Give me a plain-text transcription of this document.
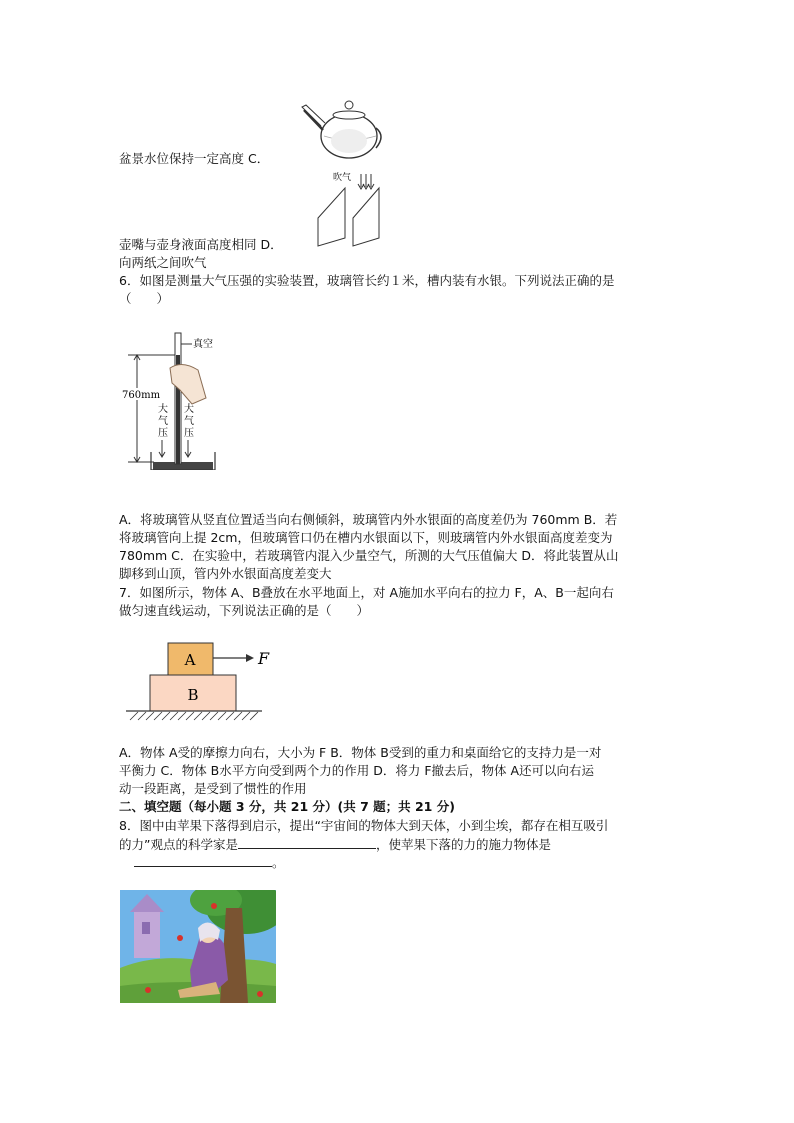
盆景水位保持一定高度 C．
吹气
壶嘴与壶身液面高度相同 D．
向两纸之间吹气
6．如图是测量大气压强的实验装置，玻璃管长约１米，槽内装有水银。下列说法正确的是
（　　）
760mm
真空
大 气 压 大 气 压
A．将玻璃管从竖直位置适当向右侧倾斜，玻璃管内外水银面的高度差仍为 760mm B．若
将玻璃管向上提 2cm，但玻璃管口仍在槽内水银面以下，则玻璃管内外水银面高度差变为
780mm C．在实验中，若玻璃管内混入少量空气，所测的大气压值偏大 D．将此装置从山
脚移到山顶，管内外水银面高度差变大
7．如图所示，物体 A、B叠放在水平地面上，对 A施加水平向右的拉力 F，A、B一起向右
做匀速直线运动，下列说法正确的是（　　）
A
B
F
A．物体 A受的摩擦力向右，大小为 F B．物体 B受到的重力和桌面给它的支持力是一对
平衡力 C．物体 B水平方向受到两个力的作用 D．将力 F撤去后，物体 A还可以向右运
动一段距离，是受到了惯性的作用
二、填空题（每小题 3 分，共 21 分）(共 7 题；共 21 分)
8．图中由苹果下落得到启示，提出“宇宙间的物体大到天体，小到尘埃，都存在相互吸引
的力”观点的科学家是	，使苹果下落的力的施力物体是
。
